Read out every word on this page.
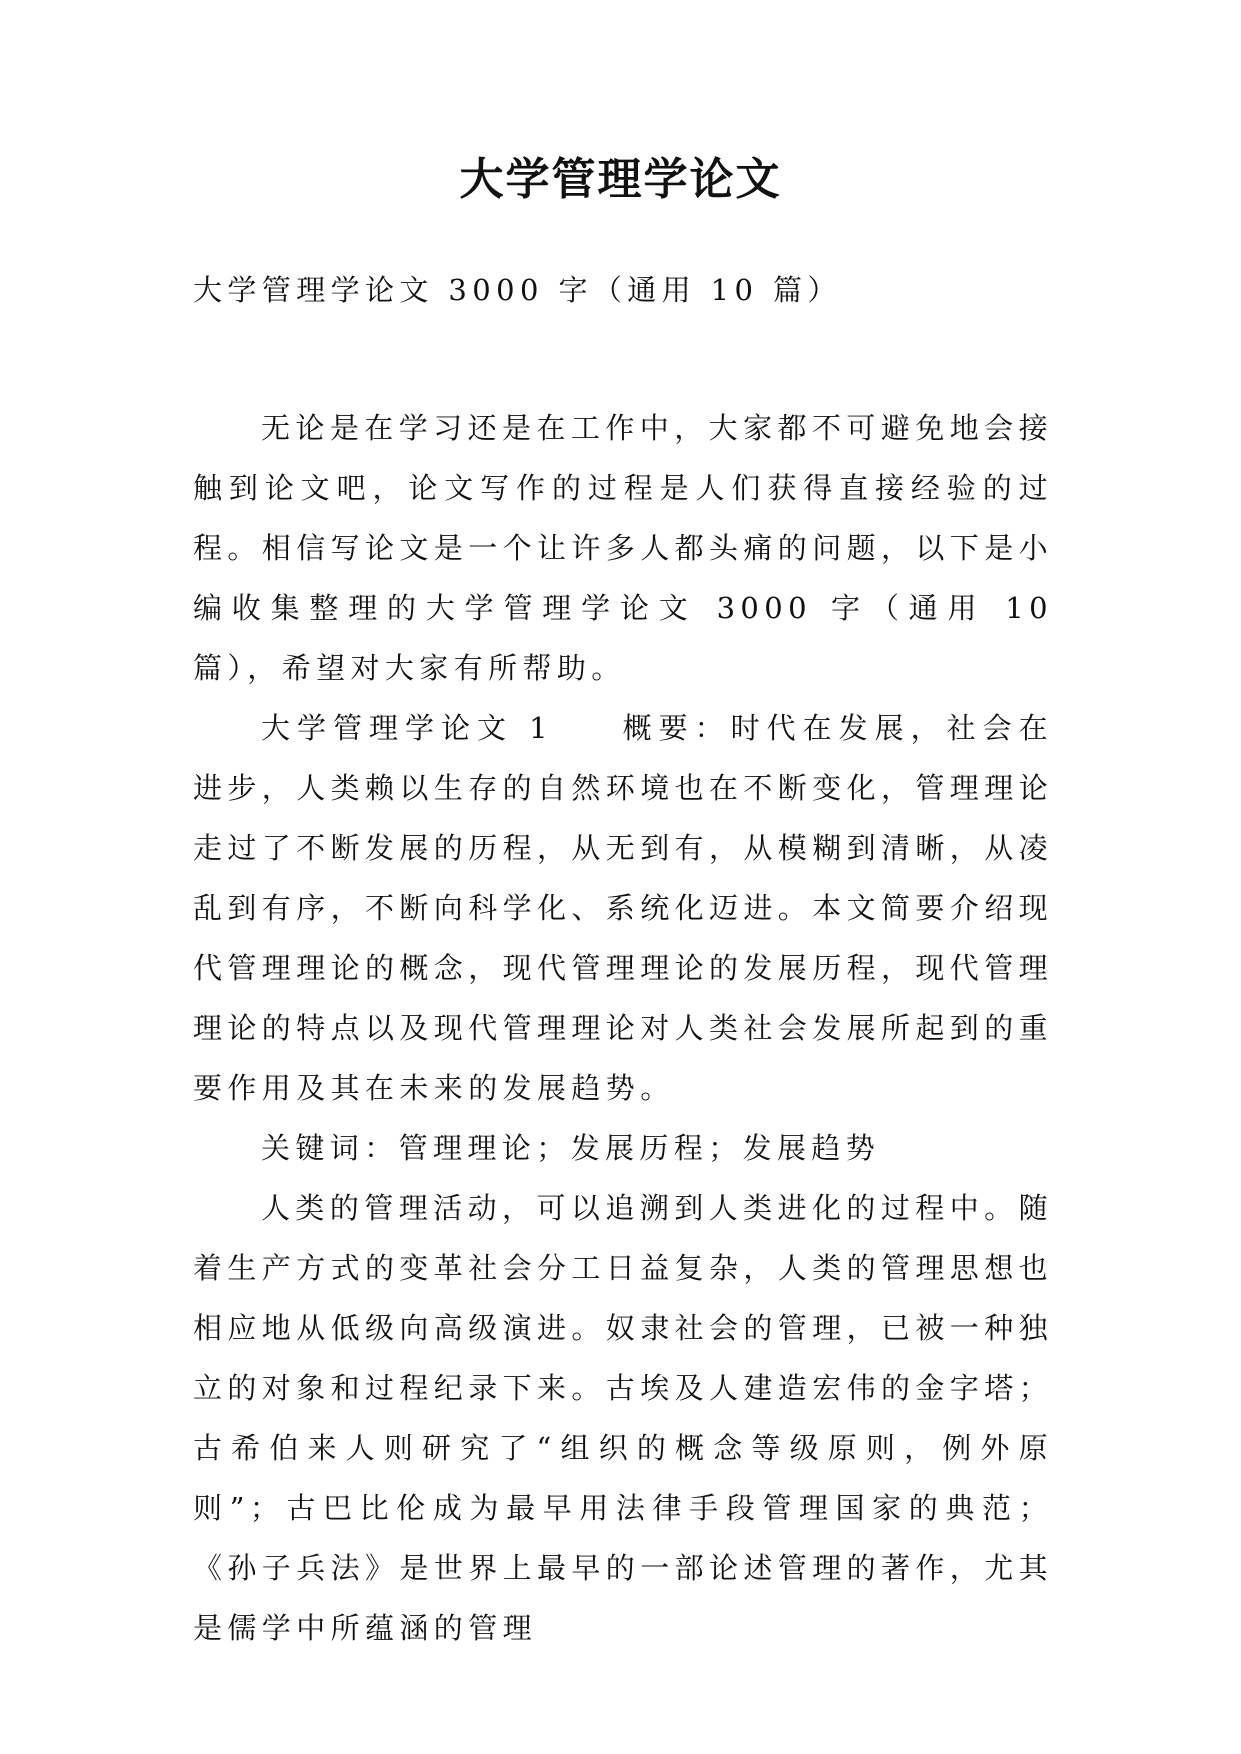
大学管理学论文

大学管理学论文 3000 字（通用 10 篇）

无论是在学习还是在工作中，大家都不可避免地会接触到论文吧，论文写作的过程是人们获得直接经验的过程。相信写论文是一个让许多人都头痛的问题，以下是小编收集整理的大学管理学论文 3000 字（通用 10 篇），希望对大家有所帮助。

大学管理学论文 1 概要：时代在发展，社会在进步，人类赖以生存的自然环境也在不断变化，管理理论走过了不断发展的历程，从无到有，从模糊到清晰，从凌乱到有序，不断向科学化、系统化迈进。本文简要介绍现代管理理论的概念，现代管理理论的发展历程，现代管理理论的特点以及现代管理理论对人类社会发展所起到的重要作用及其在未来的发展趋势。

关键词：管理理论；发展历程；发展趋势

人类的管理活动，可以追溯到人类进化的过程中。随着生产方式的变革社会分工日益复杂，人类的管理思想也相应地从低级向高级演进。奴隶社会的管理，已被一种独立的对象和过程纪录下来。古埃及人建造宏伟的金字塔；古希伯来人则研究了“组织的概念等级原则，例外原则”；古巴比伦成为最早用法律手段管理国家的典范；《孙子兵法》是世界上最早的一部论述管理的著作，尤其是儒学中所蕴涵的管理
